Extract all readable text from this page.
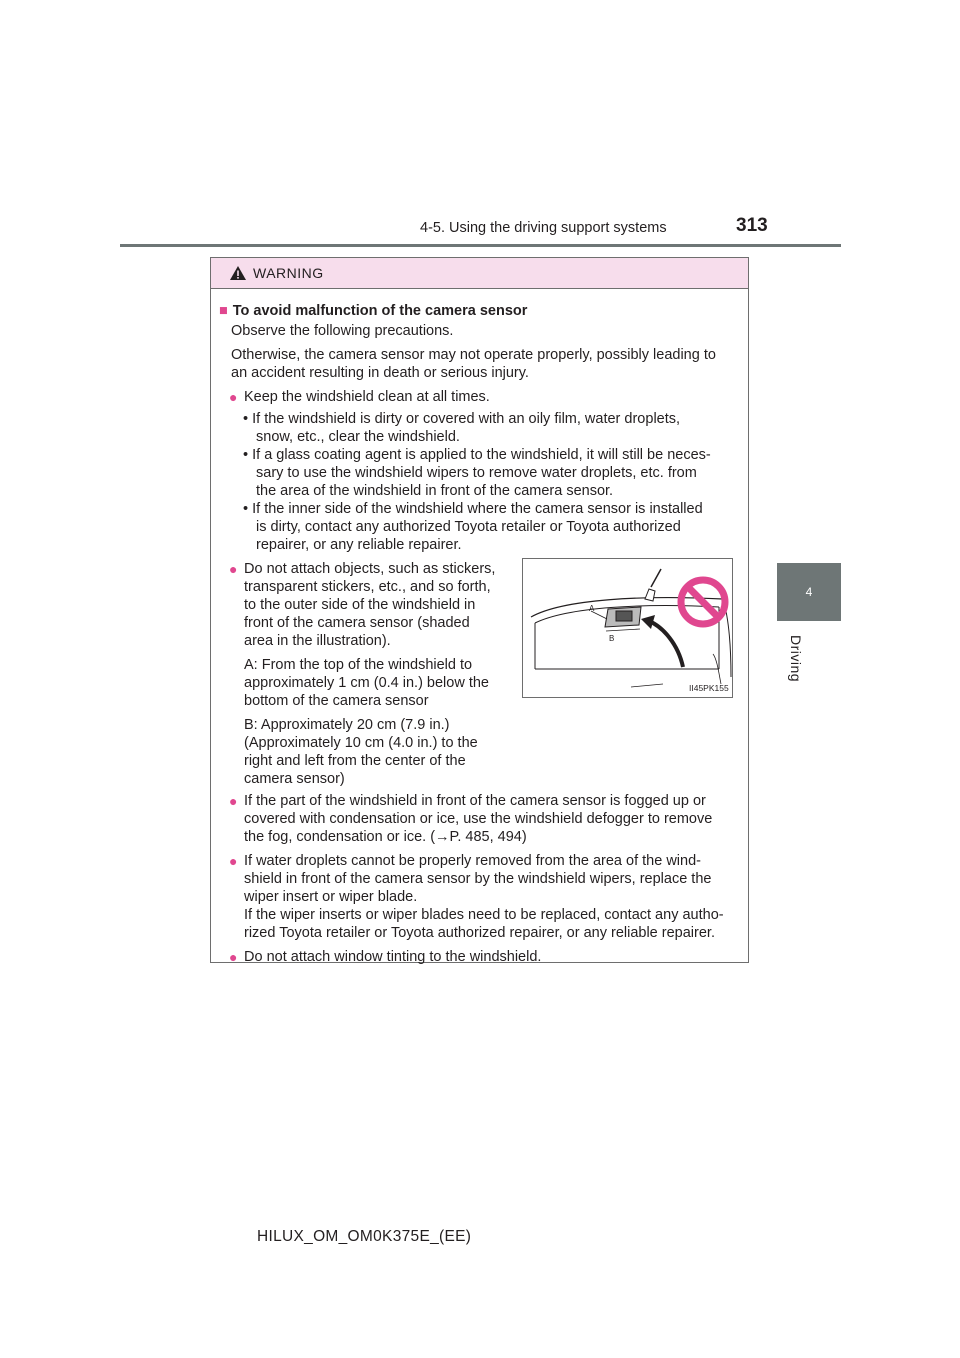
4-5. Using the driving support systems	313
4
Driving
WARNING
■ To avoid malfunction of the camera sensor
Observe the following precautions.
Otherwise, the camera sensor may not operate properly, possibly leading to
an accident resulting in death or serious injury.
● Keep the windshield clean at all times.
• If the windshield is dirty or covered with an oily film, water droplets,
snow, etc., clear the windshield.
• If a glass coating agent is applied to the windshield, it will still be neces-
sary to use the windshield wipers to remove water droplets, etc. from
the area of the windshield in front of the camera sensor.
• If the inner side of the windshield where the camera sensor is installed
is dirty, contact any authorized Toyota retailer or Toyota authorized
repairer, or any reliable repairer.
● Do not attach objects, such as stickers,
transparent stickers, etc., and so forth,
to the outer side of the windshield in
front of the camera sensor (shaded
area in the illustration).
A: From the top of the windshield to
approximately 1 cm (0.4 in.) below the
bottom of the camera sensor
B: Approximately 20 cm (7.9 in.)
(Approximately 10 cm (4.0 in.) to the
right and left from the center of the
camera sensor)
● If the part of the windshield in front of the camera sensor is fogged up or
covered with condensation or ice, use the windshield defogger to remove
the fog, condensation or ice. (→P. 485, 494)
● If water droplets cannot be properly removed from the area of the wind-
shield in front of the camera sensor by the windshield wipers, replace the
wiper insert or wiper blade.
If the wiper inserts or wiper blades need to be replaced, contact any autho-
rized Toyota retailer or Toyota authorized repairer, or any reliable repairer.
● Do not attach window tinting to the windshield.
A
B
II45PK155
HILUX_OM_OM0K375E_(EE)
